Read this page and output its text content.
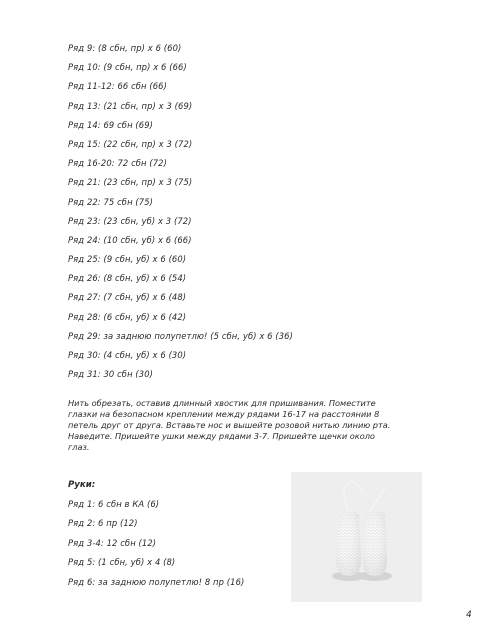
Ряд 9: (8 сбн, пр) х 6 (60)
Ряд 10: (9 сбн, пр) х 6 (66)
Ряд 11-12: 66 сбн (66)
Ряд 13: (21 сбн, пр) х 3 (69)
Ряд 14: 69 сбн (69)
Ряд 15: (22 сбн, пр) х 3 (72)
Ряд 16-20: 72 сбн (72)
Ряд 21: (23 сбн, пр) х 3 (75)
Ряд 22: 75 сбн (75)
Ряд 23: (23 сбн, уб) х 3 (72)
Ряд 24: (10 сбн, уб) х 6 (66)
Ряд 25: (9 сбн, уб) х 6 (60)
Ряд 26: (8 сбн, уб) х 6 (54)
Ряд 27: (7 сбн, уб) х 6 (48)
Ряд 28: (6 сбн, уб) х 6 (42)
Ряд 29: за заднюю полупетлю! (5 сбн, уб) х 6 (36)
Ряд 30: (4 сбн, уб) х 6 (30)
Ряд 31: 30 сбн (30)
Нить обрезать, оставив длинный хвостик для пришивания. Поместите глазки на безопасном креплении между рядами 16-17 на расстоянии 8 петель друг от друга. Вставьте нос и вышейте розовой нитью линию рта. Наведите. Пришейте ушки между рядами 3-7. Пришейте щечки около глаз.
Руки:
Ряд 1: 6 сбн в КА (6)
Ряд 2: 6 пр (12)
Ряд 3-4: 12 сбн (12)
Ряд 5: (1 сбн, уб) х 4 (8)
Ряд 6: за заднюю полупетлю! 8 пр (16)
4
